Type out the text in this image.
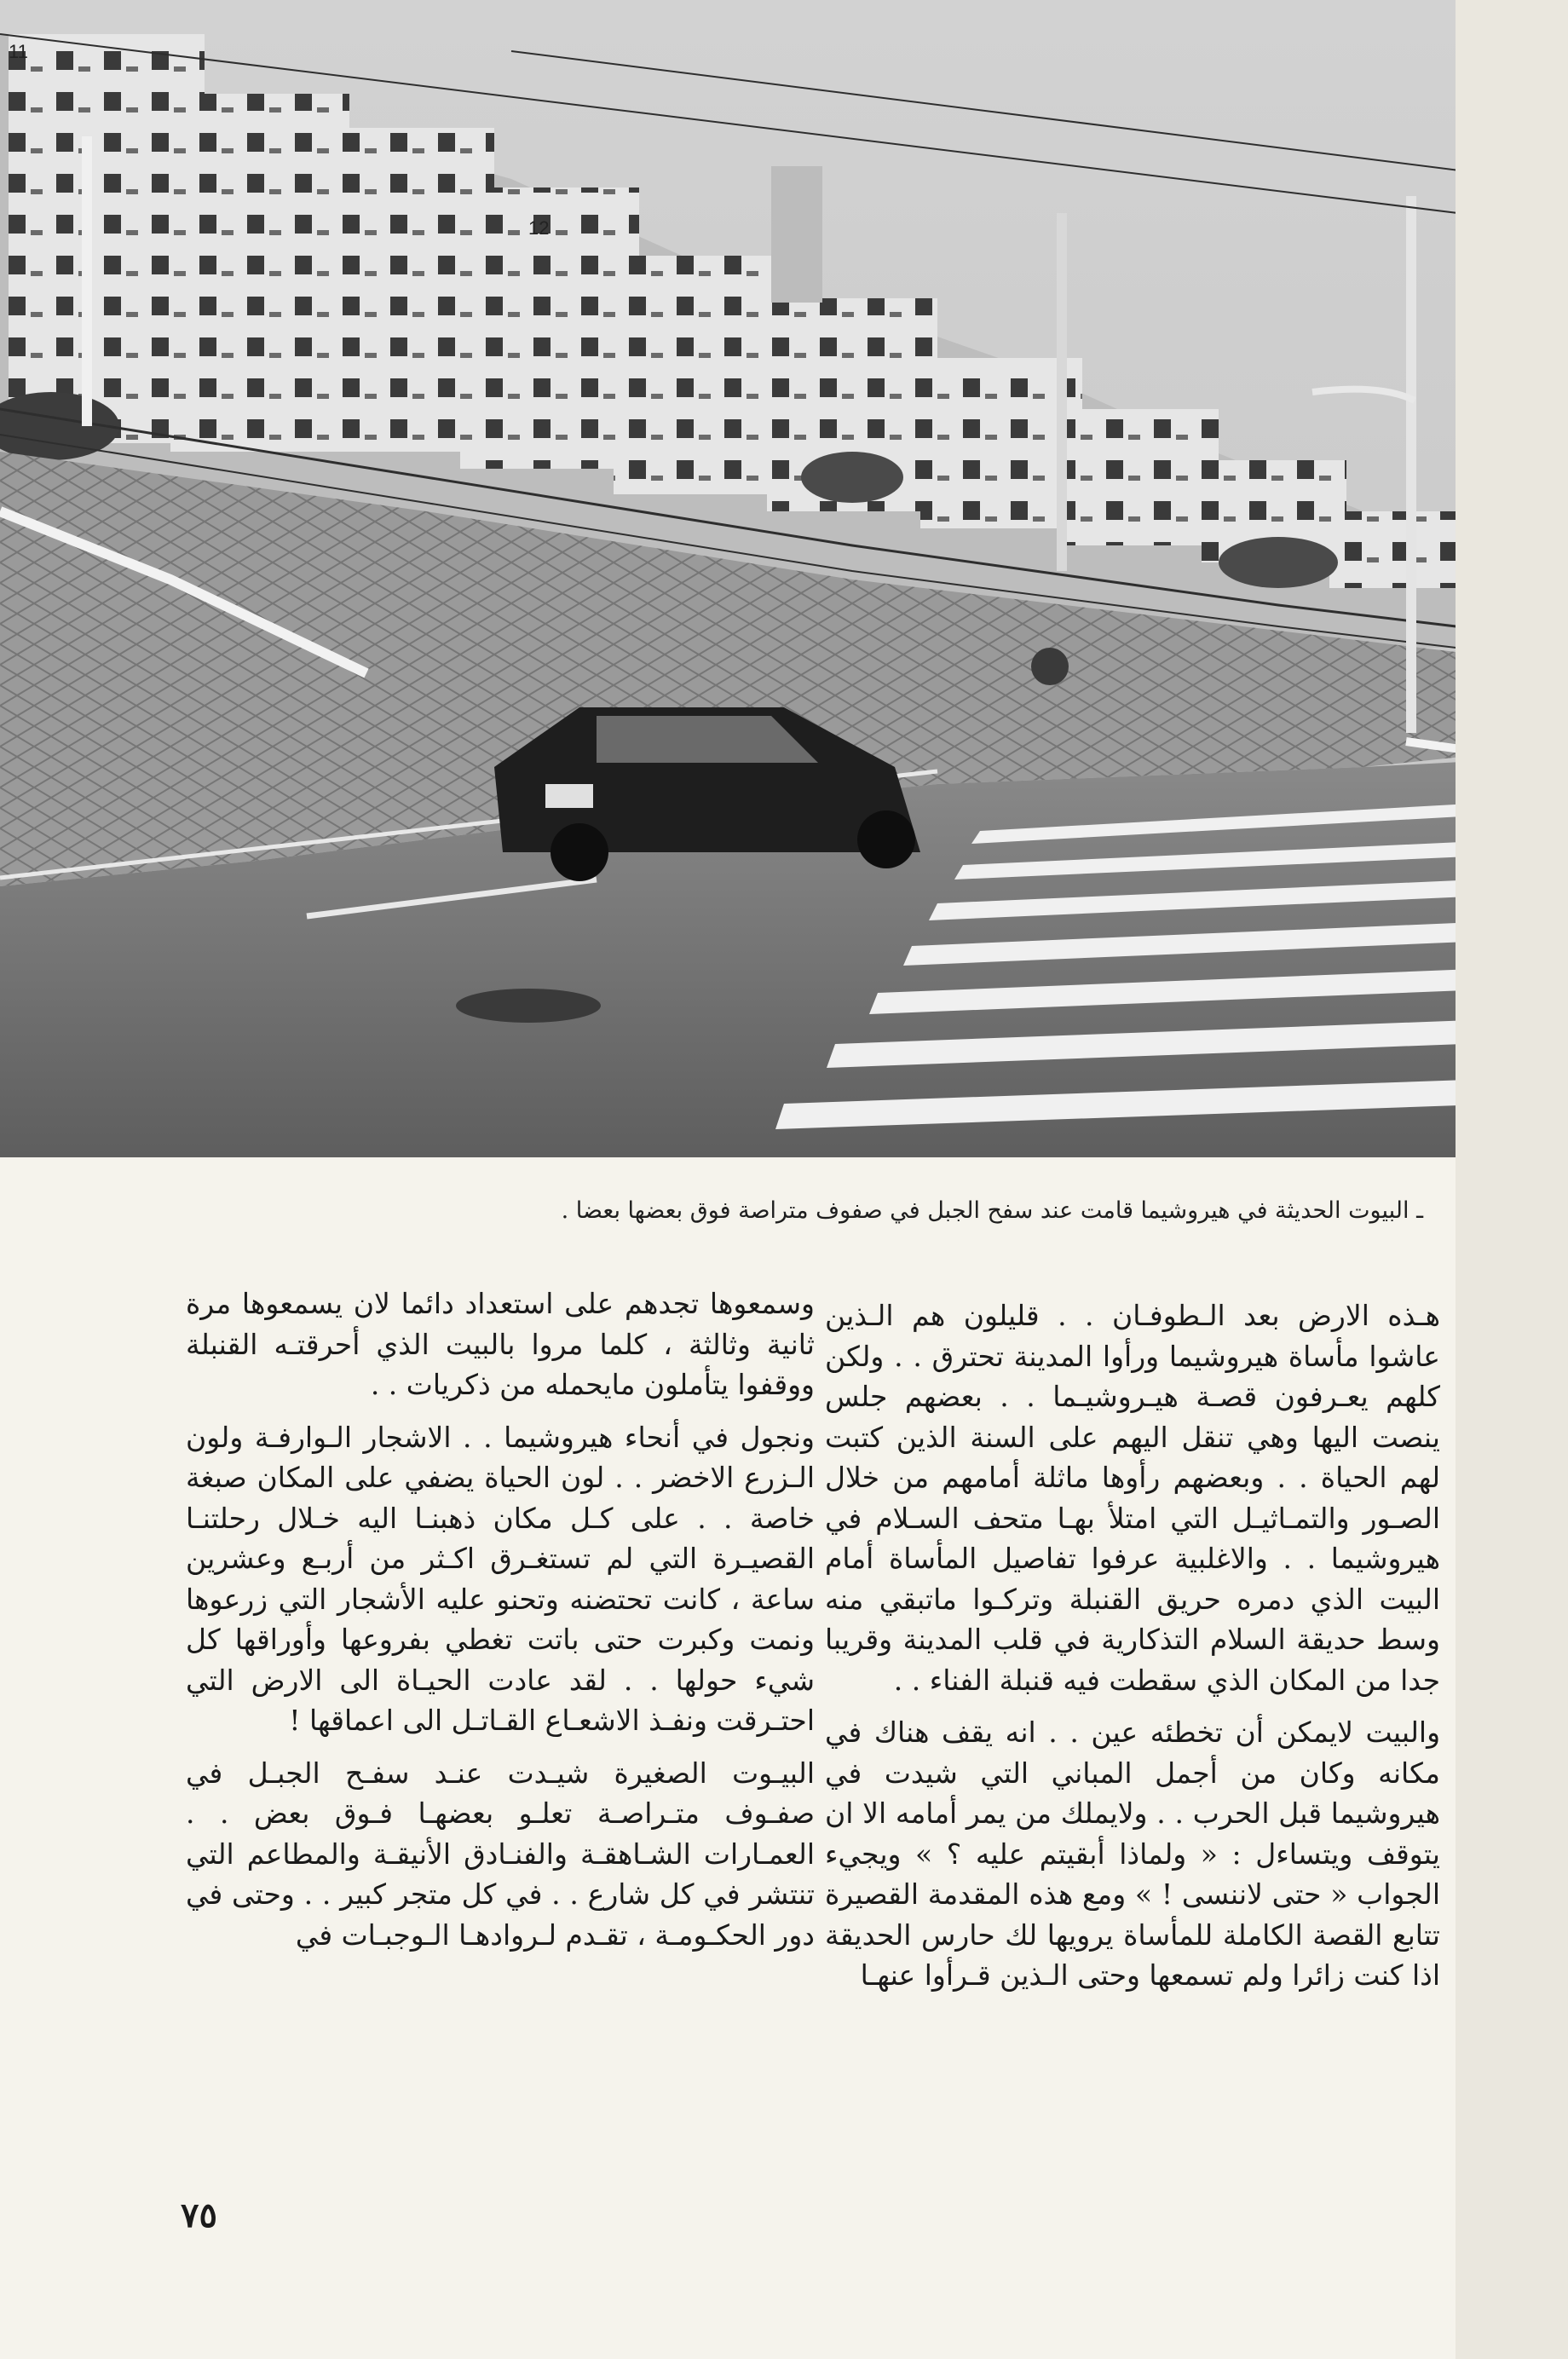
12
11
ـ البيوت الحديثة في هيروشيما قامت عند سفح الجبل في صفوف متراصة فوق بعضها بعضا .

هـذه الارض بعد الـطوفـان . . قليلون هم الـذين عاشوا مأساة هيروشيما ورأوا المدينة تحترق . . ولكن كلهم يعـرفون قصـة هيـروشيـما . . بعضهم جلس ينصت اليها وهي تنقل اليهم على السنة الذين كتبت لهم الحياة . . وبعضهم رأوها ماثلة أمامهم من خلال الصـور والتمـاثيـل التي امتلأ بهـا متحف السـلام في هيروشيما . . والاغلبية عرفوا تفاصيل المأساة أمام البيت الذي دمره حريق القنبلة وتركـوا ماتبقي منه وسط حديقة السلام التذكارية في قلب المدينة وقريبا جدا من المكان الذي سقطت فيه قنبلة الفناء . .

والبيت لايمكن أن تخطئه عين . . انه يقف هناك في مكانه وكان من أجمل المباني التي شيدت في هيروشيما قبل الحرب . . ولايملك من يمر أمامه الا ان يتوقف ويتساءل : « ولماذا أبقيتم عليه ؟ » ويجيء الجواب « حتى لاننسى ! » ومع هذه المقدمة القصيرة تتابع القصة الكاملة للمأساة يرويها لك حارس الحديقة اذا كنت زائرا ولم تسمعها وحتى الـذين قـرأوا عنهـا

وسمعوها تجدهم على استعداد دائما لان يسمعوها مرة ثانية وثالثة ، كلما مروا بالبيت الذي أحرقتـه القنبلة ووقفوا يتأملون مايحمله من ذكريات . .

ونجول في أنحاء هيروشيما . . الاشجار الـوارفـة ولون الـزرع الاخضر . . لون الحياة يضفي على المكان صبغة خاصة . . على كـل مكان ذهبنـا اليه خـلال رحلتنـا القصيـرة التي لم تستغـرق اكـثر من أربـع وعشرين ساعة ، كانت تحتضنه وتحنو عليه الأشجار التي زرعوها ونمت وكبرت حتى باتت تغطي بفروعها وأوراقها كل شيء حولها . . لقد عادت الحيـاة الى الارض التي احتـرقت ونفـذ الاشعـاع القـاتـل الى اعماقها !

البيـوت الصغيرة شيـدت عنـد سفـح الجبـل في صفـوف متـراصـة تعلـو بعضهـا فـوق بعض . . العمـارات الشـاهقـة والفنـادق الأنيقـة والمطاعم التي تنتشر في كل شارع . . في كل متجر كبير . . وحتى في دور الحكـومـة ، تقـدم لـروادهـا الـوجبـات في

٧٥
